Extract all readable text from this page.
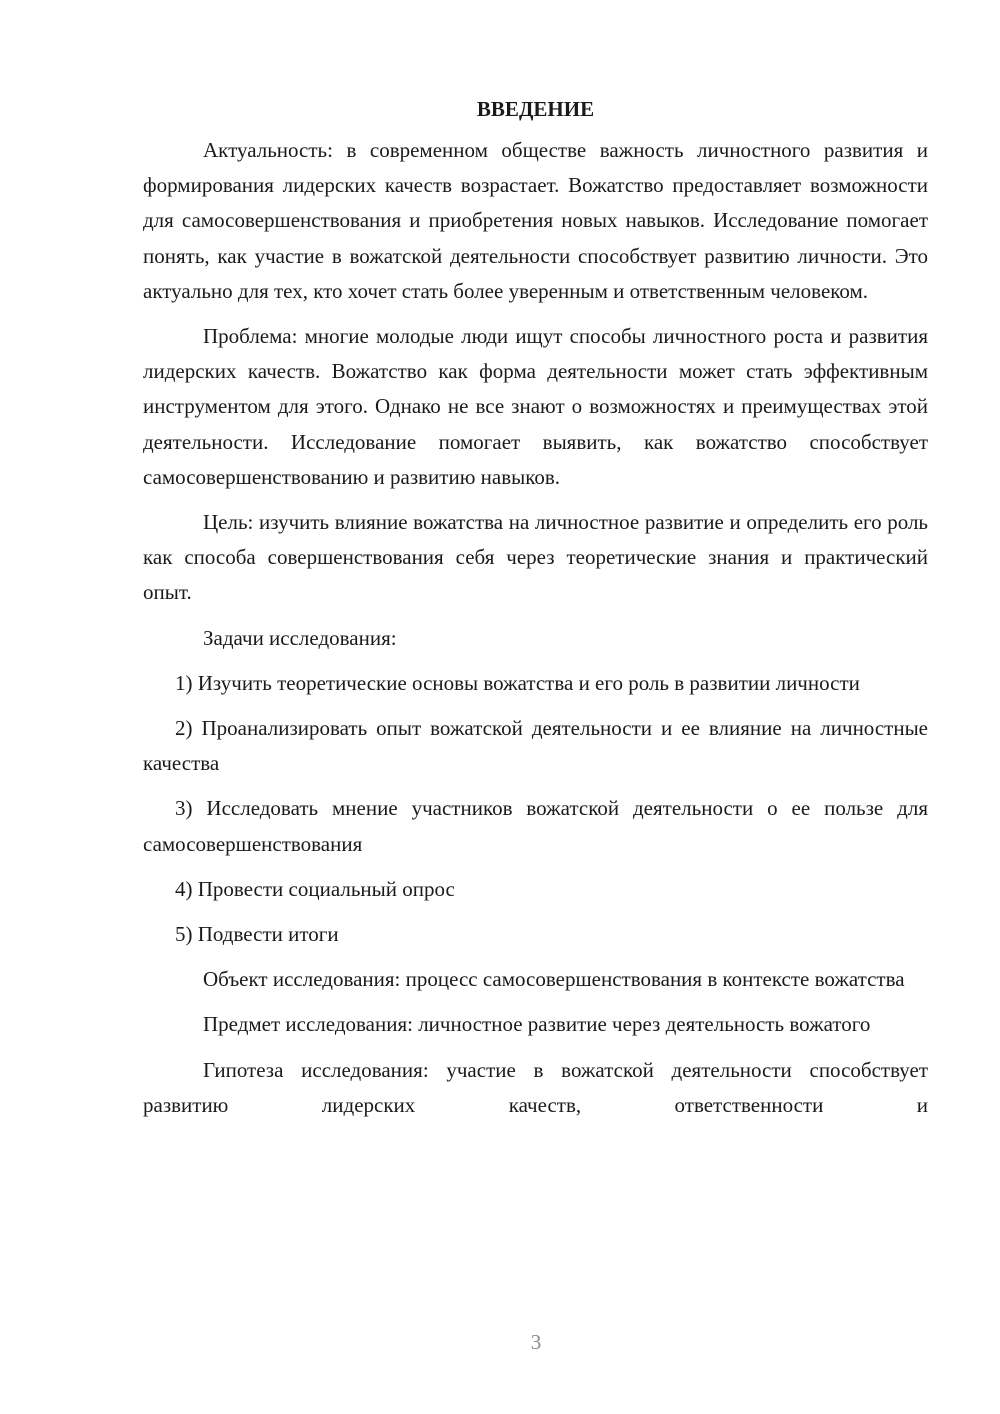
ВВЕДЕНИЕ

Актуальность: в современном обществе важность личностного развития и формирования лидерских качеств возрастает. Вожатство предоставляет возможности для самосовершенствования и приобретения новых навыков. Исследование помогает понять, как участие в вожатской деятельности способствует развитию личности. Это актуально для тех, кто хочет стать более уверенным и ответственным человеком.

Проблема: многие молодые люди ищут способы личностного роста и развития лидерских качеств. Вожатство как форма деятельности может стать эффективным инструментом для этого. Однако не все знают о возможностях и преимуществах этой деятельности. Исследование помогает выявить, как вожатство способствует самосовершенствованию и развитию навыков.

Цель: изучить влияние вожатства на личностное развитие и определить его роль как способа совершенствования себя через теоретические знания и практический опыт.

Задачи исследования:

1) Изучить теоретические основы вожатства и его роль в развитии личности

2) Проанализировать опыт вожатской деятельности и ее влияние на личностные качества

3) Исследовать мнение участников вожатской деятельности о ее пользе для самосовершенствования

4) Провести социальный опрос

5) Подвести итоги

Объект исследования: процесс самосовершенствования в контексте вожатства

Предмет исследования: личностное развитие через деятельность вожатого

Гипотеза исследования: участие в вожатской деятельности способствует развитию лидерских качеств, ответственности и

3
